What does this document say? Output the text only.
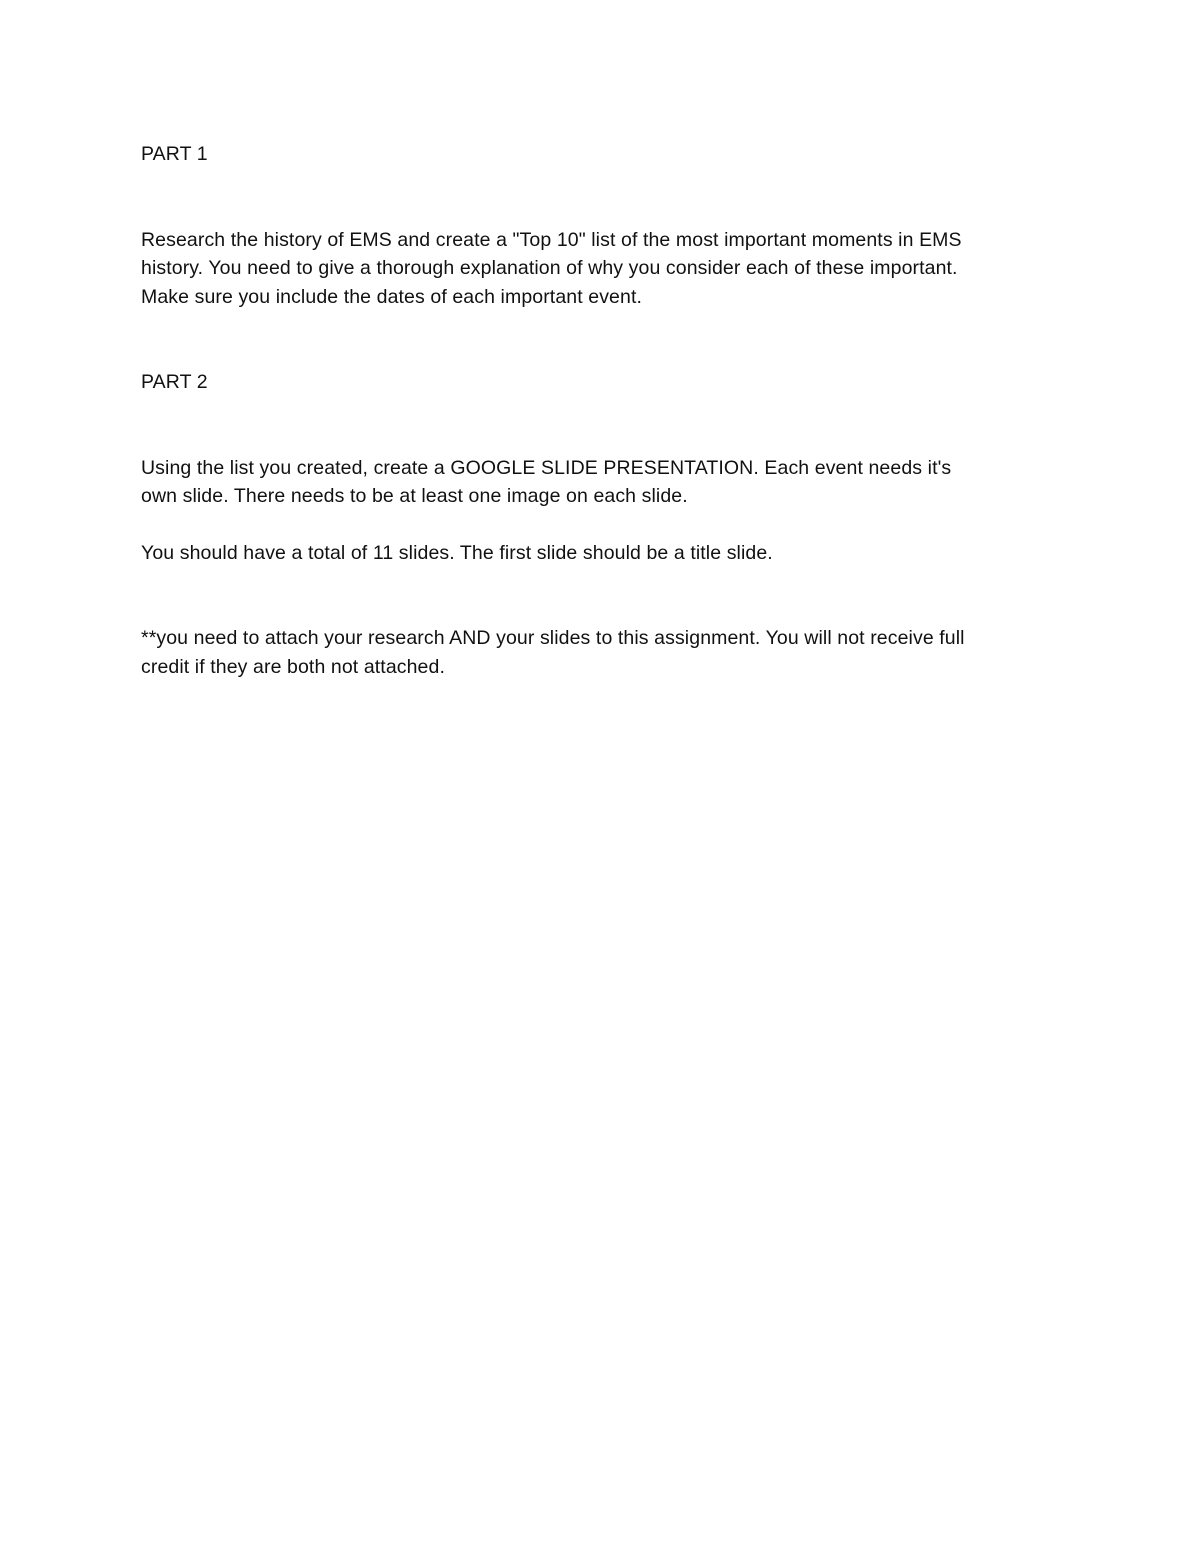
PART 1

Research the history of EMS and create a "Top 10" list of the most important moments in EMS
history. You need to give a thorough explanation of why you consider each of these important.
Make sure you include the dates of each important event.

PART 2

Using the list you created, create a GOOGLE SLIDE PRESENTATION. Each event needs it's
own slide. There needs to be at least one image on each slide.

You should have a total of 11 slides. The first slide should be a title slide.

**you need to attach your research AND your slides to this assignment. You will not receive full
credit if they are both not attached.
